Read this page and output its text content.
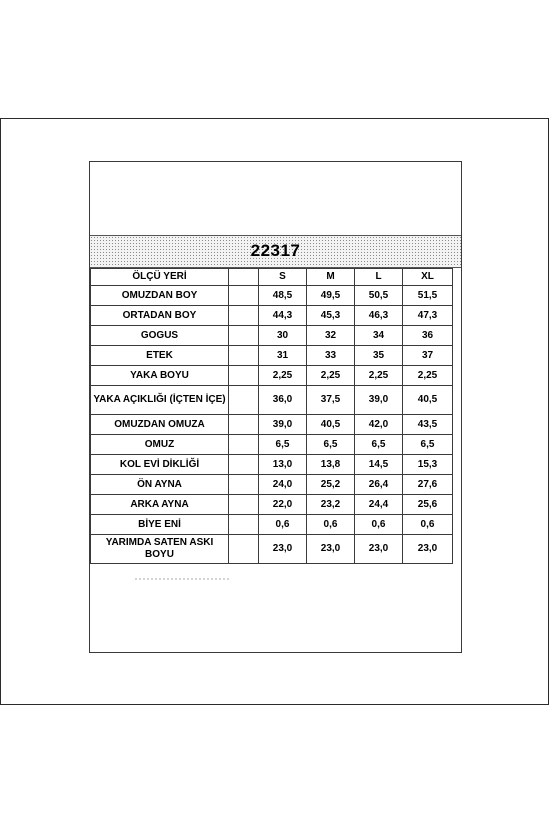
22317
ÖLÇÜ YERİ		S	M	L	XL
OMUZDAN BOY		48,5	49,5	50,5	51,5
ORTADAN BOY		44,3	45,3	46,3	47,3
GOGUS		30	32	34	36
ETEK		31	33	35	37
YAKA BOYU		2,25	2,25	2,25	2,25
YAKA AÇIKLIĞI (İÇTEN İÇE)		36,0	37,5	39,0	40,5
OMUZDAN OMUZA		39,0	40,5	42,0	43,5
OMUZ		6,5	6,5	6,5	6,5
KOL EVİ DİKLİĞİ		13,0	13,8	14,5	15,3
ÖN AYNA		24,0	25,2	26,4	27,6
ARKA AYNA		22,0	23,2	24,4	25,6
BİYE ENİ		0,6	0,6	0,6	0,6
YARIMDA SATEN ASKI BOYU		23,0	23,0	23,0	23,0
